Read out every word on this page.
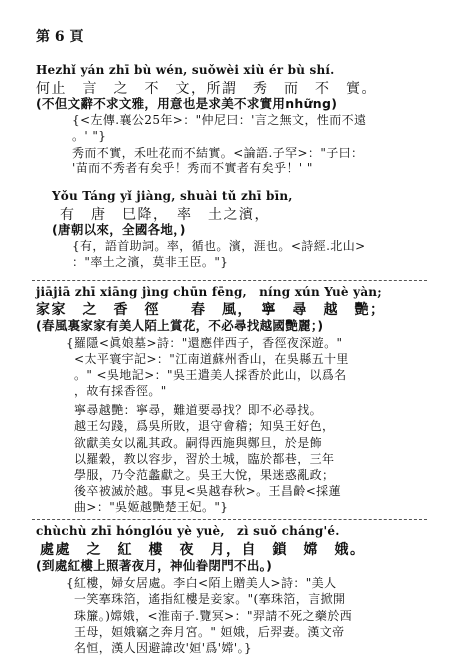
第 6 頁
Hezhǐ yán zhī bù wén, suǒwèi xiù ér bù shí.
何止　言　之　不　文，所謂　秀　而　不　實。
(不但文辭不求文雅，用意也是求美不求實用những)
{<左傳.襄公25年>："仲尼曰：'言之無文，性而不遠
。' "}
秀而不實，禾吐花而不結實。<論語.子罕>："子曰：
'苗而不秀者有矣乎！秀而不實者有矣乎！' "
Yǒu Táng yǐ jiàng, shuài tǔ zhī bīn,
有　唐　巳降，　率　土之濱，
(唐朝以來，全國各地，)
{有，語首助詞。率，循也。濱，涯也。<詩經.北山>
："率土之濱，莫非王臣。"}
jiājiā zhī xiāng jìng chūn fēng,　níng xún Yuè yàn;
家家　之　香　徑　　春　風，　寧　尋　越　艷；
(春風裏家家有美人陌上賞花，不必尋找越國艷麗；)
{羅隱<眞娘墓>詩："還應伴西子，香徑夜深遊。"
<太平寰宇記>："江南道蘇州香山，在吳縣五十里
。" <吳地記>："吳王遣美人採香於此山，以爲名
，故有採香徑。"
寧尋越艷：寧尋，難道要尋找？即不必尋找。
越王勾踐，爲吳所敗，退守會稽；知吳王好色，
欲獻美女以亂其政。嗣得西施與鄭旦，於是飾
以羅穀，教以容步，習於土城，臨於都巷，三年
學服，乃令范蠡獻之。吳王大悅，果迷惑亂政；
後卒被滅於越。事見<吳越春秋>。王昌齡<採蓮
曲>："吳姬越艷楚王妃。"}
chùchù zhī hónglóu yè yuè,　zì suǒ cháng'é.
處處　之　紅　樓　夜　月，自　鎖　嫦　娥。
(到處紅樓上照著夜月，神仙眷閉門不出。)
{紅樓，婦女居處。李白<陌上贈美人>詩："美人
一笑搴珠箔，遙指紅樓是妾家。"(搴珠箔，言掀開
珠簾。)嫦娥，<淮南子.覽冥>："羿請不死之藥於西
王母，姮娥竊之奔月宮。" 姮娥，后羿妻。漢文帝
名恒，漢人因避諱改'姮'爲'嫦'。}
